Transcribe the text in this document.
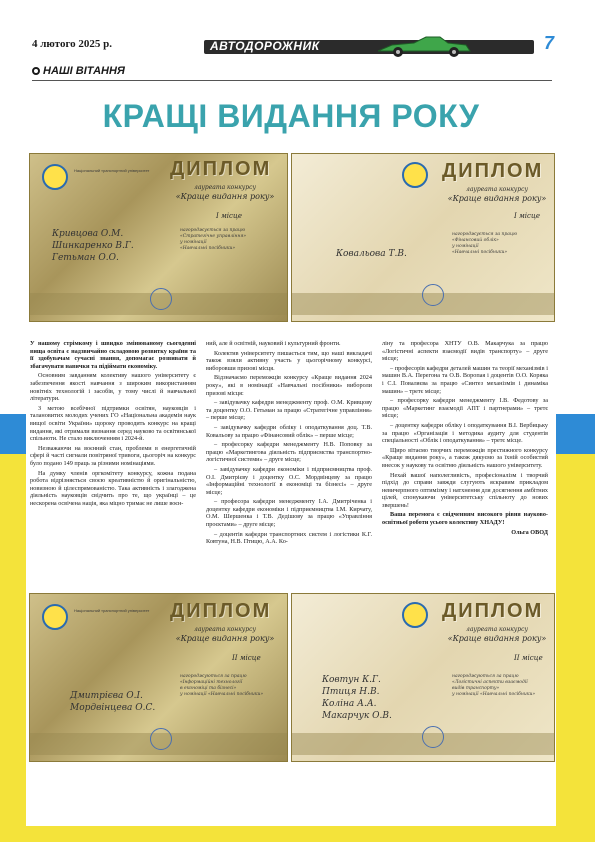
4 лютого 2025 р.	АВТОДОРОЖНИК	7
НАШІ ВІТАННЯ
КРАЩІ ВИДАННЯ РОКУ
Національний транспортний університет ДИПЛОМ
лауреата конкурсу
«Краще видання року»
I місце
Кривцова О.М.
Шинкаренко В.Г.
Гетьман О.О.
нагороджується за працю
«Стратегічне управління»
у номінації
«Навчальні посібники»
ДИПЛОМ
лауреата конкурсу
«Краще видання року»
I місце
Ковальова Т.В.
нагороджується за працю
«Фінансовий облік»
у номінації
«Навчальні посібники»

У нашому стрімкому і швидко змінюваному сьогоденні вища освіта є надзвичайно складовою розвитку країни та її здобувачам сучасні знання, допомагає розвивати й збагачувати навички та підіймати економіку.

Основним завданням колективу нашого університету є забезпечення якості навчання з широким використанням новітніх технологій і засобів, у тому числі й навчальної літератури.

З метою всебічної підтримки освітян, науковців і талановитих молодих учених ГО «Національна академія наук вищої освіти України» щороку проводить конкурс на кращі видання, які отримали визнання серед науково та освітянської спільноти. Не стало виключенням і 2024-й.

Незважаючи на воєнний стан, проблеми в енергетичній сфері й часті сигнали повітряної тривоги, цьогоріч на конкурс було подано 149 праць за різними номінаціями.

На думку членів оргкомітету конкурсу, кожна подана робота відрізняється своєю креативністю й оригінальністю, новизною й цілеспрямованістю. Така активність і злагоджена діяльність науковців свідчить про те, що українці – це нескорена освічена нація, яка міцно тримає не лише воєн-

ний, але й освітній, науковий і культурний фронти.

Колектив університету пишається тим, що наші викладачі також взяли активну участь у цьогорічному конкурсі, виборовши призові місця.

Відзначаємо переможців конкурсу «Краще видання 2024 року», які в номінації «Навчальні посібники» вибороли призові місця:

– завідувачку кафедри менеджменту проф. О.М. Кривцову та доцентку О.О. Гетьман за працю «Стратегічне управління» – перше місце;

– завідувачку кафедри обліку і оподаткування доц. Т.В. Ковальову за працю «Фінансовий облік» – перше місце;

– професорку кафедри менеджменту Н.В. Поповку за працю «Маркетингова діяльність підприємства транспортно-логістичної системи» – друге місце;

– завідувачку кафедри економіки і підприємництва проф. О.І. Дмитрієву і доцентку О.С. Мордвінцеву за працю «Інформаційні технології в економіці та бізнесі» – друге місце;

– професора кафедри менеджменту І.А. Дмитріченка і доцентку кафедри економіки і підприємництва І.М. Кирчату, О.М. Шершенка і Т.В. Дедішову за працю «Управління проєктами» – друге місце;

– доцентів кафедри транспортних систем і логістики К.Г. Ковтуна, Н.В. Птицю, А.А. Ко-

ліну та професора ХНТУ О.В. Макарчука за працю «Логістичні аспекти взаємодії видів транспорту» – друге місце;

– професорів кафедри деталей машин та теорії механізмів і машин В.А. Перегона та О.В. Воропая і доцентів О.О. Коряка і С.І. Поваляєва за працю «Синтез механізмів і динаміка машин» – третє місце;

– професорку кафедри менеджменту І.В. Федотову за працю «Маркетинг взаємодії АПТ і партнерами» – третє місце;

– доцентку кафедри обліку і оподаткування В.І. Вербицьку за працю «Організація і методика аудиту для студентів спеціальності «Облік і оподаткування» – третє місце.

Щиро вітаємо творчих переможців престижного конкурсу «Краще видання року», а також дякуємо за їхній особистий внесок у наукову та освітню діяльність нашого університету.

Нехай вашої наполегливість, професіоналізм і творчий підхід до справи завжди слугують яскравим прикладом невичерпного оптимізму і натхнення для досягнення амбітних цілей, спонукаючи університетську спільноту до нових звершень!

Ваша перемога є свідченням високого рівня науково-освітньої роботи усього колективу ХНАДУ!

Ольга ОВОД
Національний транспортний університет ДИПЛОМ
лауреата конкурсу
«Краще видання року»
II місце
Дмитрієва О.І.
Мордвінцева О.С.
нагороджуються за працю
«Інформаційні технології
в економіці та бізнесі»
у номінації «Навчальні посібники»
ДИПЛОМ
лауреата конкурсу
«Краще видання року»
II місце
Ковтун К.Г.
Птиця Н.В.
Коліна А.А.
Макарчук О.В.
нагороджуються за працю
«Логістичні аспекти взаємодії
видів транспорту»
у номінації «Навчальні посібники»
